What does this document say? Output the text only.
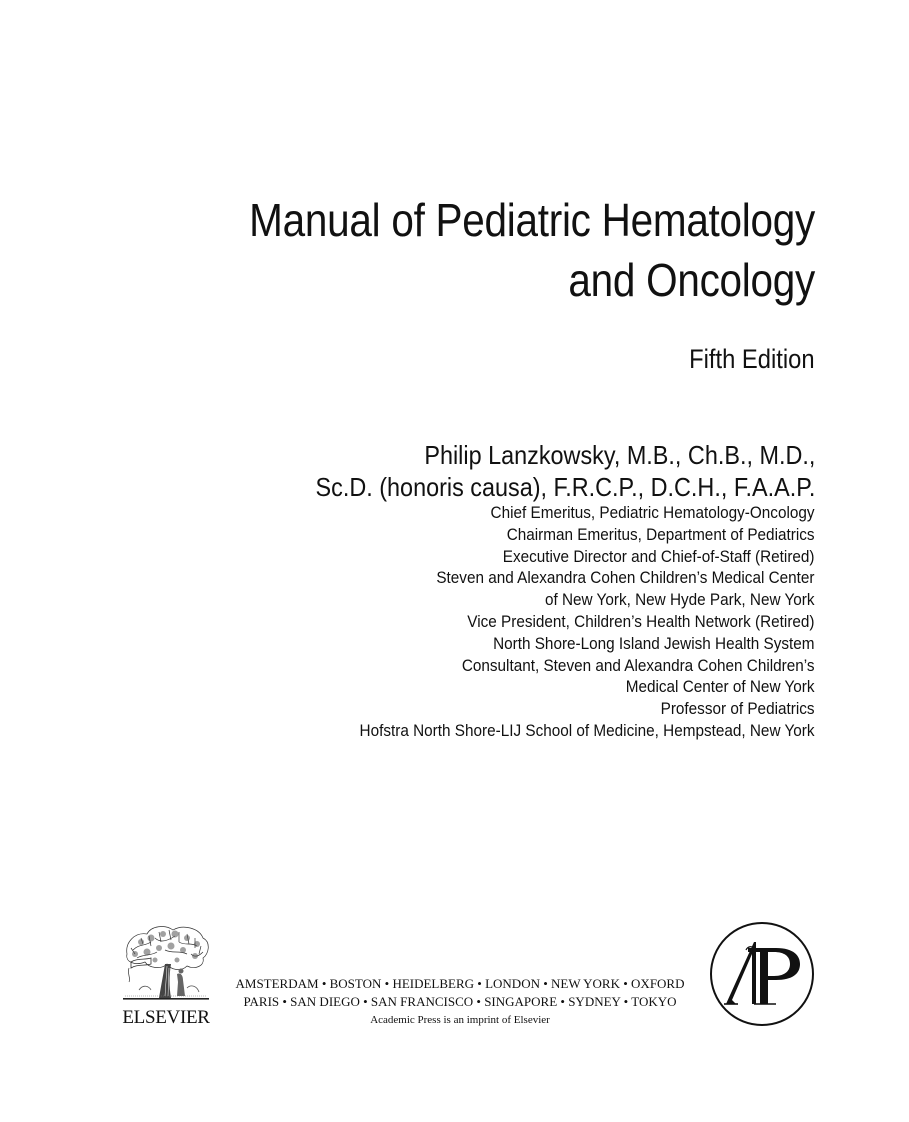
Manual of Pediatric Hematology
and Oncology
Fifth Edition
Philip Lanzkowsky, M.B., Ch.B., M.D.,
Sc.D. (honoris causa), F.R.C.P., D.C.H., F.A.A.P.
Chief Emeritus, Pediatric Hematology-Oncology
Chairman Emeritus, Department of Pediatrics
Executive Director and Chief-of-Staff (Retired)
Steven and Alexandra Cohen Children’s Medical Center
of New York, New Hyde Park, New York
Vice President, Children’s Health Network (Retired)
North Shore-Long Island Jewish Health System
Consultant, Steven and Alexandra Cohen Children’s
Medical Center of New York
Professor of Pediatrics
Hofstra North Shore-LIJ School of Medicine, Hempstead, New York
ELSEVIER
AMSTERDAM • BOSTON • HEIDELBERG • LONDON • NEW YORK • OXFORD
PARIS • SAN DIEGO • SAN FRANCISCO • SINGAPORE • SYDNEY • TOKYO
Academic Press is an imprint of Elsevier
